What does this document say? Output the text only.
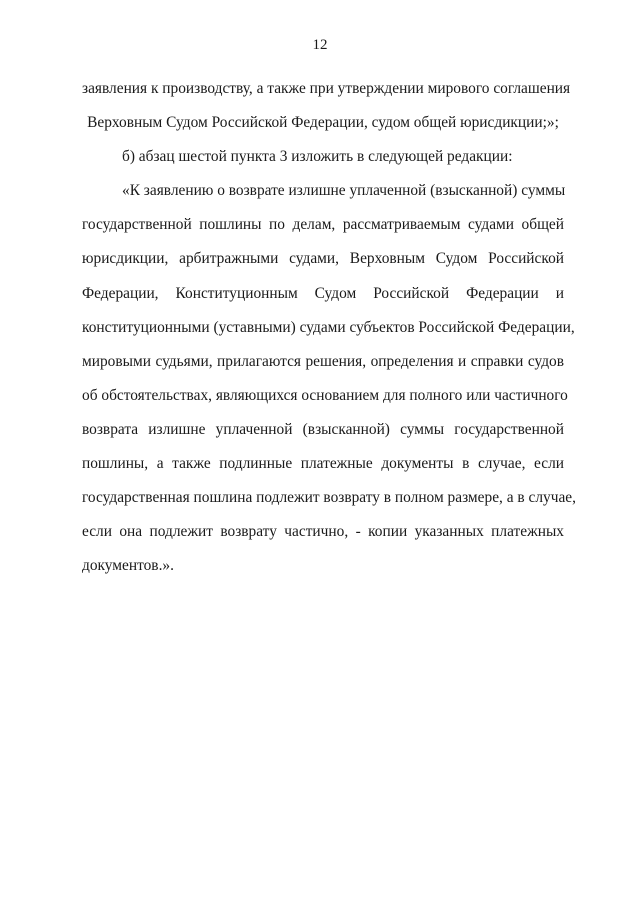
12
заявления к производству, а также при утверждении мирового соглашения
Верховным Судом Российской Федерации, судом общей юрисдикции;»;
б) абзац шестой пункта 3 изложить в следующей редакции:
«К заявлению о возврате излишне уплаченной (взысканной) суммы
государственной пошлины по делам, рассматриваемым судами общей
юрисдикции, арбитражными судами, Верховным Судом Российской
Федерации, Конституционным Судом Российской Федерации и
конституционными (уставными) судами субъектов Российской Федерации,
мировыми судьями, прилагаются решения, определения и справки судов
об обстоятельствах, являющихся основанием для полного или частичного
возврата излишне уплаченной (взысканной) суммы государственной
пошлины, а также подлинные платежные документы в случае, если
государственная пошлина подлежит возврату в полном размере, а в случае,
если она подлежит возврату частично, - копии указанных платежных
документов.».
